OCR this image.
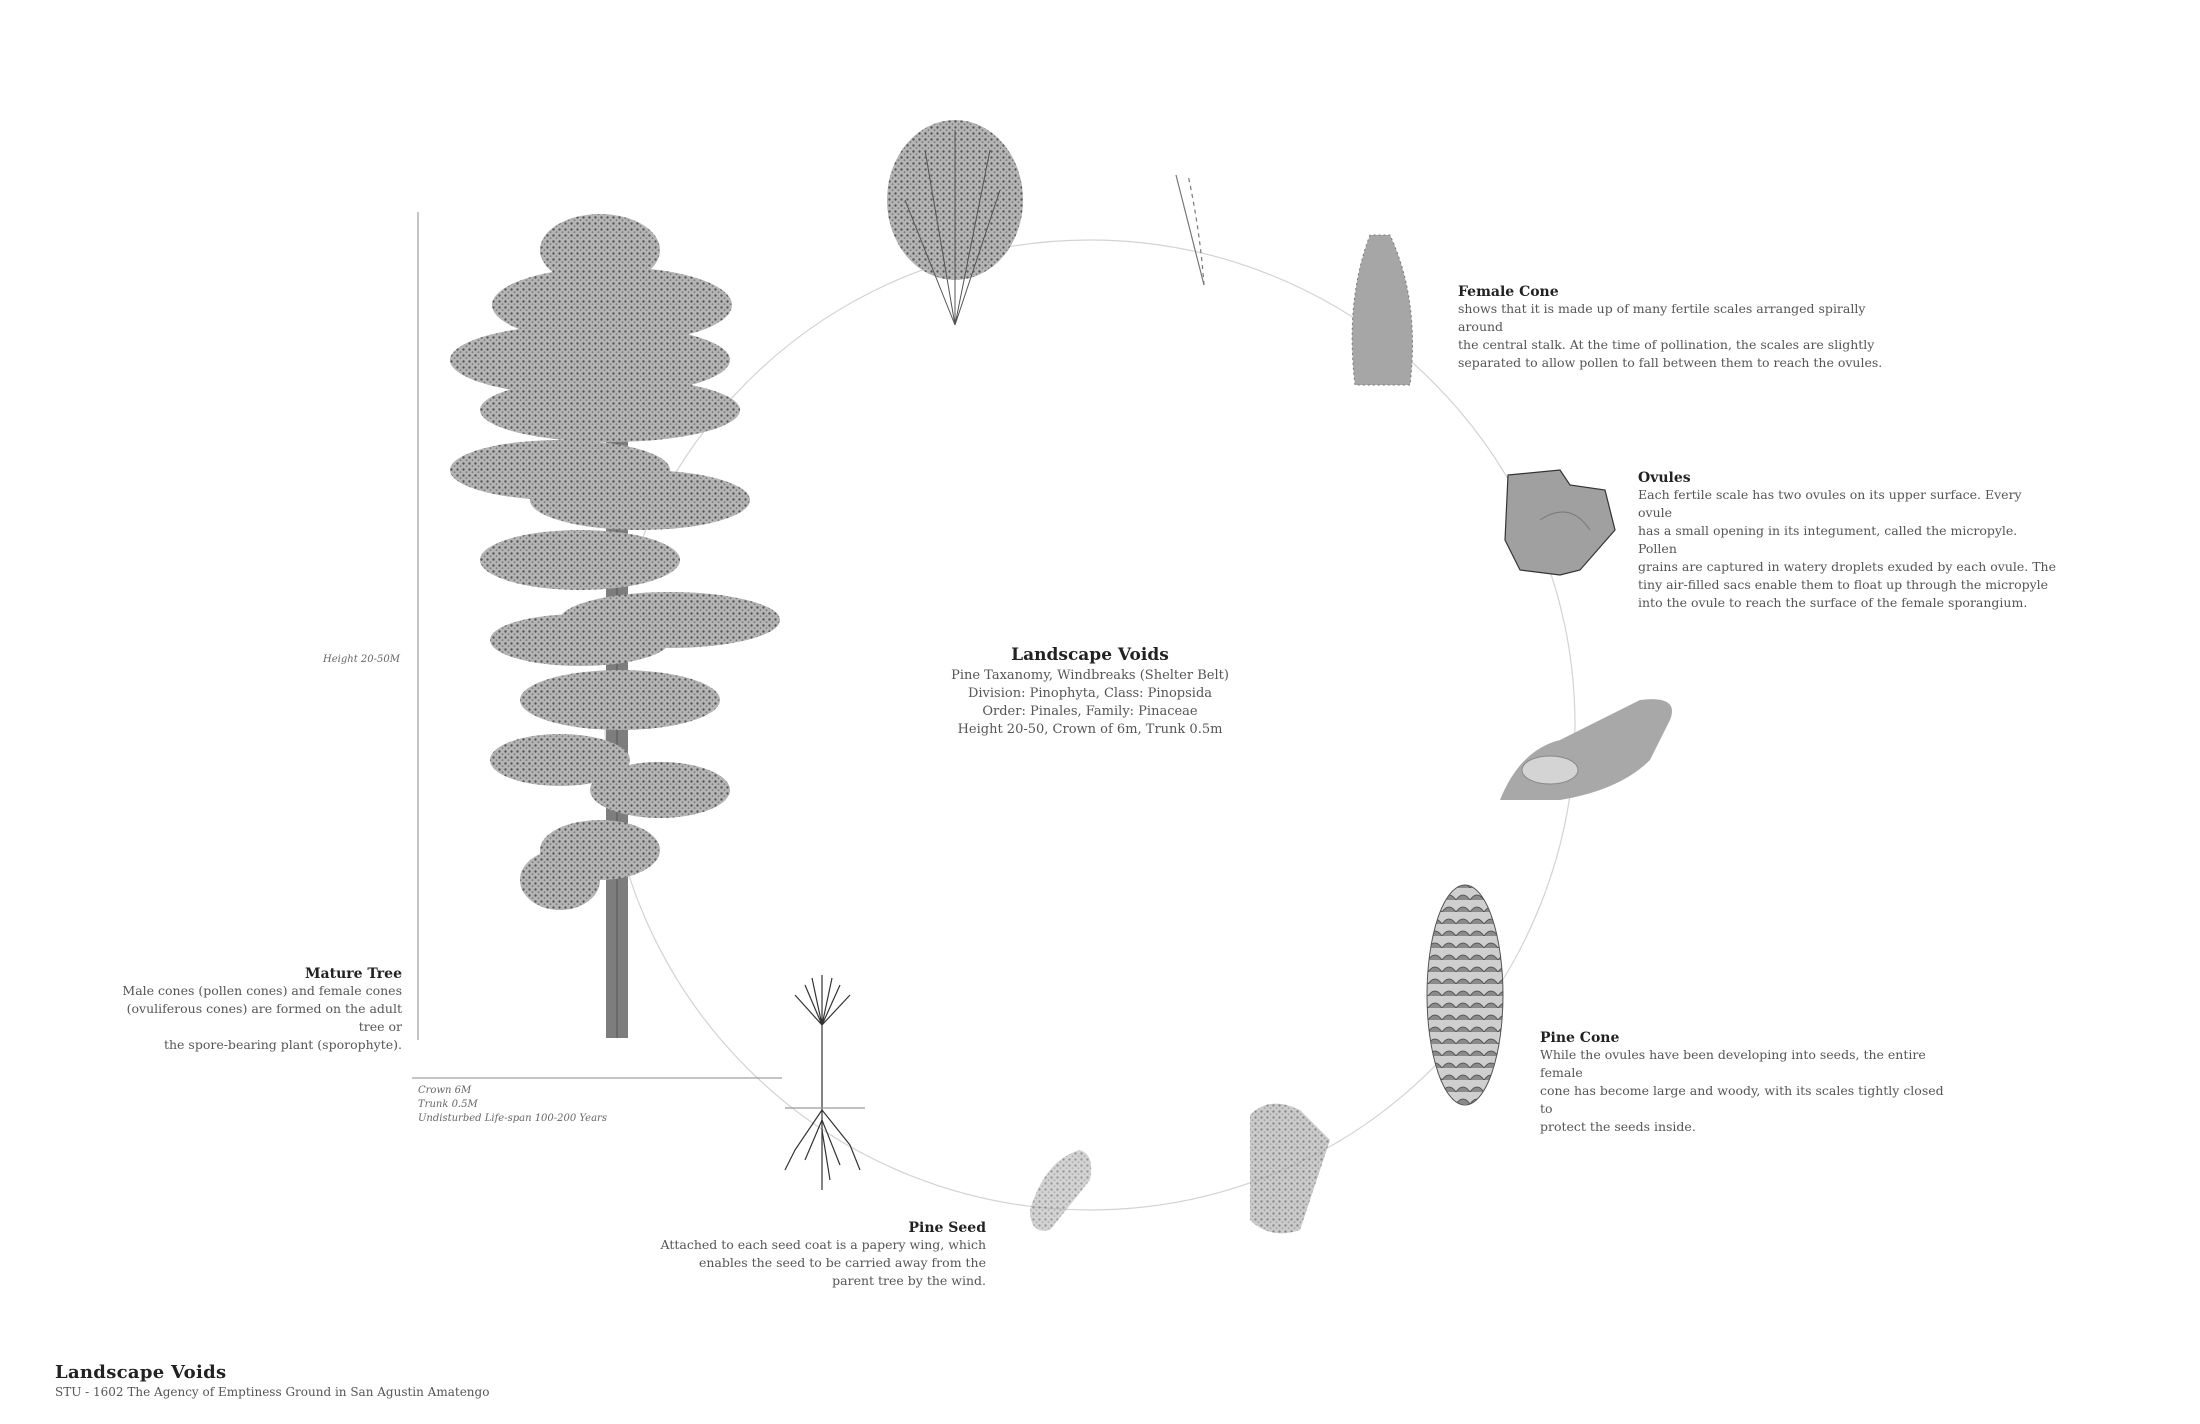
Landscape Voids
Pine Taxanomy, Windbreaks (Shelter Belt)
Division: Pinophyta, Class: Pinopsida
Order: Pinales, Family: Pinaceae
Height 20-50, Crown of 6m, Trunk 0.5m
Female Cone
shows that it is made up of many fertile scales arranged spirally around
the central stalk. At the time of pollination, the scales are slightly
separated to allow pollen to fall between them to reach the ovules.
Ovules
Each fertile scale has two ovules on its upper surface. Every ovule
has a small opening in its integument, called the micropyle. Pollen
grains are captured in watery droplets exuded by each ovule. The
tiny air-filled sacs enable them to float up through the micropyle
into the ovule to reach the surface of the female sporangium.
Pine Cone
While the ovules have been developing into seeds, the entire female
cone has become large and woody, with its scales tightly closed to
protect the seeds inside.
Pine Seed
Attached to each seed coat is a papery wing, which
enables the seed to be carried away from the
parent tree by the wind.
Mature Tree
Male cones (pollen cones) and female cones
(ovuliferous cones) are formed on the adult tree or
the spore-bearing plant (sporophyte).
Height 20-50M
Crown 6M
Trunk 0.5M
Undisturbed Life-span 100-200 Years
Landscape Voids
STU - 1602 The Agency of Emptiness Ground in San Agustin Amatengo
